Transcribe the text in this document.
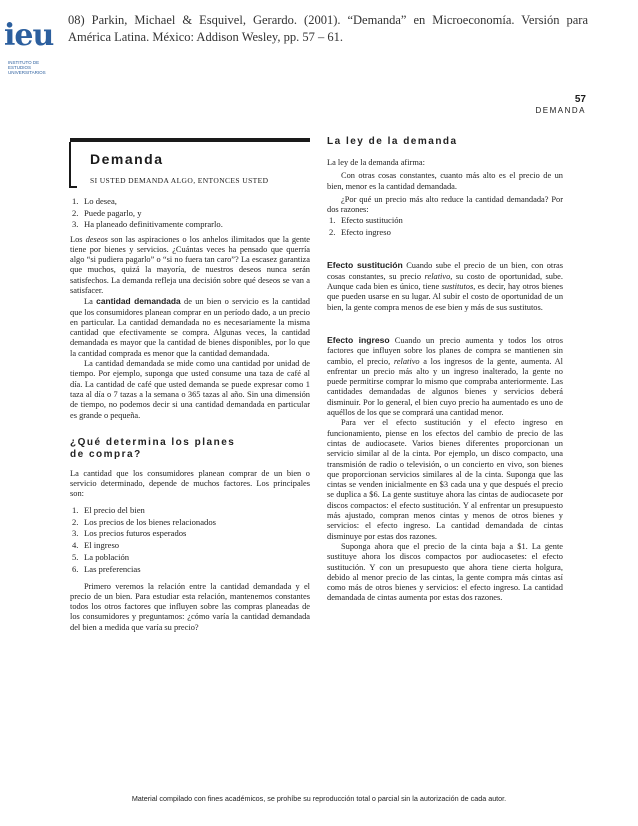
ieu
INSTITUTO DE ESTUDIOS UNIVERSITARIOS
08) Parkin, Michael & Esquivel, Gerardo. (2001). “Demanda” en Microeconomía. Versión para América Latina. México: Addison Wesley, pp. 57 – 61.
57
DEMANDA
Demanda
SI USTED DEMANDA ALGO, ENTONCES USTED
1. Lo desea,
2. Puede pagarlo, y
3. Ha planeado definitivamente comprarlo.

Los deseos son las aspiraciones o los anhelos ilimitados que la gente tiene por bienes y servicios. ¿Cuántas veces ha pensado que querría algo “si pudiera pagarlo” o “si no fuera tan caro”? La escasez garantiza que muchos, quizá la mayoría, de nuestros deseos nunca serán satisfechos. La demanda refleja una decisión sobre qué deseos se van a satisfacer.

La cantidad demandada de un bien o servicio es la cantidad que los consumidores planean comprar en un período dado, a un precio en particular. La cantidad demandada no es necesariamente la misma cantidad que efectivamente se compra. Algunas veces, la cantidad demandada es mayor que la cantidad de bienes disponibles, por lo que la cantidad comprada es menor que la cantidad demandada.

La cantidad demandada se mide como una cantidad por unidad de tiempo. Por ejemplo, suponga que usted consume una taza de café al día. La cantidad de café que usted demanda se puede expresar como 1 taza al día o 7 tazas a la semana o 365 tazas al año. Sin una dimensión de tiempo, no podemos decir si una cantidad demandada en particular es grande o pequeña.

¿Qué determina los planes de compra?

La cantidad que los consumidores planean comprar de un bien o servicio determinado, depende de muchos factores. Los principales son:

1. El precio del bien
2. Los precios de los bienes relacionados
3. Los precios futuros esperados
4. El ingreso
5. La población
6. Las preferencias

Primero veremos la relación entre la cantidad demandada y el precio de un bien. Para estudiar esta relación, mantenemos constantes todos los otros factores que influyen sobre las compras planeadas de los consumidores y preguntamos: ¿cómo varía la cantidad demandada del bien a medida que varía su precio?

La ley de la demanda

La ley de la demanda afirma:

Con otras cosas constantes, cuanto más alto es el precio de un bien, menor es la cantidad demandada.

¿Por qué un precio más alto reduce la cantidad demandada? Por dos razones:

1. Efecto sustitución
2. Efecto ingreso

Efecto sustitución Cuando sube el precio de un bien, con otras cosas constantes, su precio relativo, su costo de oportunidad, sube. Aunque cada bien es único, tiene sustitutos, es decir, hay otros bienes que pueden usarse en su lugar. Al subir el costo de oportunidad de un bien, la gente compra menos de ese bien y más de sus sustitutos.

Efecto ingreso Cuando un precio aumenta y todos los otros factores que influyen sobre los planes de compra se mantienen sin cambio, el precio, relativo a los ingresos de la gente, aumenta. Al enfrentar un precio más alto y un ingreso inalterado, la gente no puede permitirse comprar lo mismo que compraba anteriormente. Las cantidades demandadas de algunos bienes y servicios deberá disminuir. Por lo general, el bien cuyo precio ha aumentado es uno de aquéllos de los que se comprará una cantidad menor.

Para ver el efecto sustitución y el efecto ingreso en funcionamiento, piense en los efectos del cambio de precio de las cintas de audiocasete. Varios bienes diferentes proporcionan un servicio similar al de la cinta. Por ejemplo, un disco compacto, una transmisión de radio o televisión, o un concierto en vivo, son bienes que proporcionan servicios similares al de la cinta. Suponga que las cintas se venden inicialmente en $3 cada una y que después el precio se duplica a $6. La gente sustituye ahora las cintas de audiocasete por discos compactos: el efecto sustitución. Y al enfrentar un presupuesto más ajustado, compran menos cintas y menos de otros bienes y servicios: el efecto ingreso. La cantidad demandada de cintas disminuye por estas dos razones.

Suponga ahora que el precio de la cinta baja a $1. La gente sustituye ahora los discos compactos por audiocasetes: el efecto sustitución. Y con un presupuesto que ahora tiene cierta holgura, debido al menor precio de las cintas, la gente compra más cintas así como más de otros bienes y servicios: el efecto ingreso. La cantidad demandada de cintas aumenta por estas dos razones.

Material compilado con fines académicos, se prohíbe su reproducción total o parcial sin la autorización de cada autor.
